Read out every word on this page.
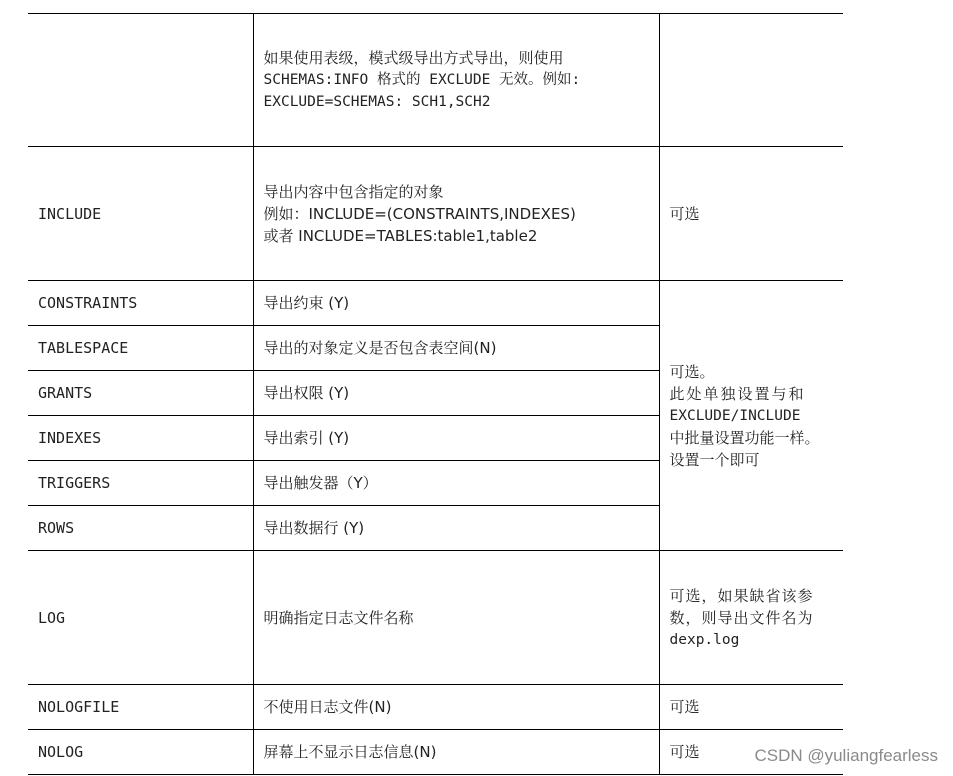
	如果使用表级，模式级导出方式导出，则使用
SCHEMAS:INFO 格式的 EXCLUDE 无效。例如:
EXCLUDE=SCHEMAS: SCH1,SCH2	

INCLUDE	导出内容中包含指定的对象
例如：INCLUDE=(CONSTRAINTS,INDEXES)
或者 INCLUDE=TABLES:table1,table2	可选
CONSTRAINTS	导出约束 (Y)	可选。
此处单独设置与和
EXCLUDE/INCLUDE
中批量设置功能一样。
设置一个即可

TABLESPACE	导出的对象定义是否包含表空间(N)	
GRANTS	导出权限 (Y)	
INDEXES	导出索引 (Y)	
TRIGGERS	导出触发器（Y）	
ROWS	导出数据行 (Y)	
LOG	明确指定日志文件名称	可选，如果缺省该参
数，则导出文件名为
dexp.log

NOLOGFILE	不使用日志文件(N)	可选
NOLOG	屏幕上不显示日志信息(N)	可选	CSDN @yuliangfearless
